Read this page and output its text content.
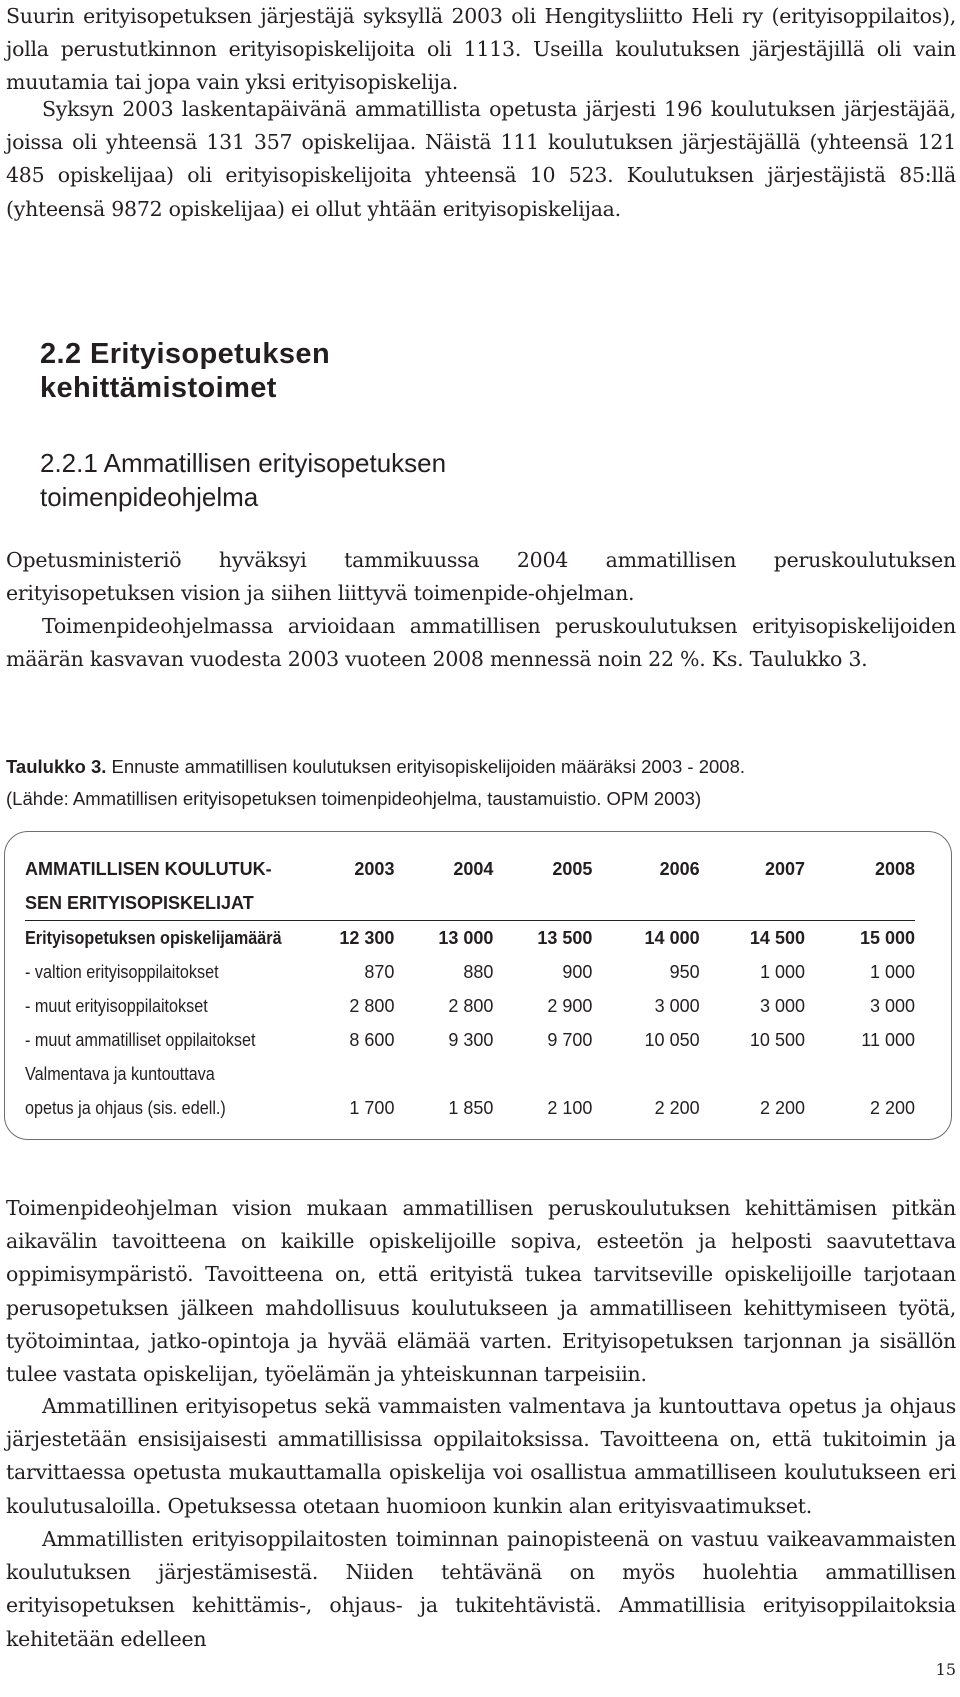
Suurin erityisopetuksen järjestäjä syksyllä 2003 oli Hengitysliitto Heli ry (erityisoppilaitos), jolla perustutkinnon erityisopiskelijoita oli 1113. Useilla koulutuksen järjestäjillä oli vain muutamia tai jopa vain yksi erityisopiskelija.

Syksyn 2003 laskentapäivänä ammatillista opetusta järjesti 196 koulutuksen järjestäjää, joissa oli yhteensä 131 357 opiskelijaa. Näistä 111 koulutuksen järjestäjällä (yhteensä 121 485 opiskelijaa) oli erityisopiskelijoita yhteensä 10 523. Koulutuksen järjestäjistä 85:llä (yhteensä 9872 opiskelijaa) ei ollut yhtään erityisopiskelijaa.

2.2 Erityisopetuksen
kehittämistoimet
2.2.1 Ammatillisen erityisopetuksen
toimenpideohjelma

Opetusministeriö hyväksyi tammikuussa 2004 ammatillisen peruskoulutuksen erityisopetuksen vision ja siihen liittyvä toimenpide-ohjelman.

Toimenpideohjelmassa arvioidaan ammatillisen peruskoulutuksen erityisopiskelijoiden määrän kasvavan vuodesta 2003 vuoteen 2008 mennessä noin 22 %. Ks. Taulukko 3.

Taulukko 3. Ennuste ammatillisen koulutuksen erityisopiskelijoiden määräksi 2003 - 2008.

(Lähde: Ammatillisen erityisopetuksen toimenpideohjelma, taustamuistio. OPM 2003)

AMMATILLISEN KOULUTUK-	2003	2004	2005	2006	2007	2008
SEN ERITYISOPISKELIJAT						
Erityisopetuksen opiskelijamäärä	12 300	13 000	13 500	14 000	14 500	15 000
- valtion erityisoppilaitokset	870	880	900	950	1 000	1 000
- muut erityisoppilaitokset	2 800	2 800	2 900	3 000	3 000	3 000
- muut ammatilliset oppilaitokset	8 600	9 300	9 700	10 050	10 500	11 000
Valmentava ja kuntouttava						
opetus ja ohjaus (sis. edell.)	1 700	1 850	2 100	2 200	2 200	2 200

Toimenpideohjelman vision mukaan ammatillisen peruskoulutuksen kehittämisen pitkän aikavälin tavoitteena on kaikille opiskelijoille sopiva, esteetön ja helposti saavutettava oppimisympäristö. Tavoitteena on, että erityistä tukea tarvitseville opiskelijoille tarjotaan perusopetuksen jälkeen mahdollisuus koulutukseen ja ammatilliseen kehittymiseen työtä, työtoimintaa, jatko-opintoja ja hyvää elämää varten. Erityisopetuksen tarjonnan ja sisällön tulee vastata opiskelijan, työelämän ja yhteiskunnan tarpeisiin.

Ammatillinen erityisopetus sekä vammaisten valmentava ja kuntouttava opetus ja ohjaus järjestetään ensisijaisesti ammatillisissa oppilaitoksissa. Tavoitteena on, että tukitoimin ja tarvittaessa opetusta mukauttamalla opiskelija voi osallistua ammatilliseen koulutukseen eri koulutusaloilla. Opetuksessa otetaan huomioon kunkin alan erityisvaatimukset.

Ammatillisten erityisoppilaitosten toiminnan painopisteenä on vastuu vaikeavammaisten koulutuksen järjestämisestä. Niiden tehtävänä on myös huolehtia ammatillisen erityisopetuksen kehittämis-, ohjaus- ja tukitehtävistä. Ammatillisia erityisoppilaitoksia kehitetään edelleen

15
